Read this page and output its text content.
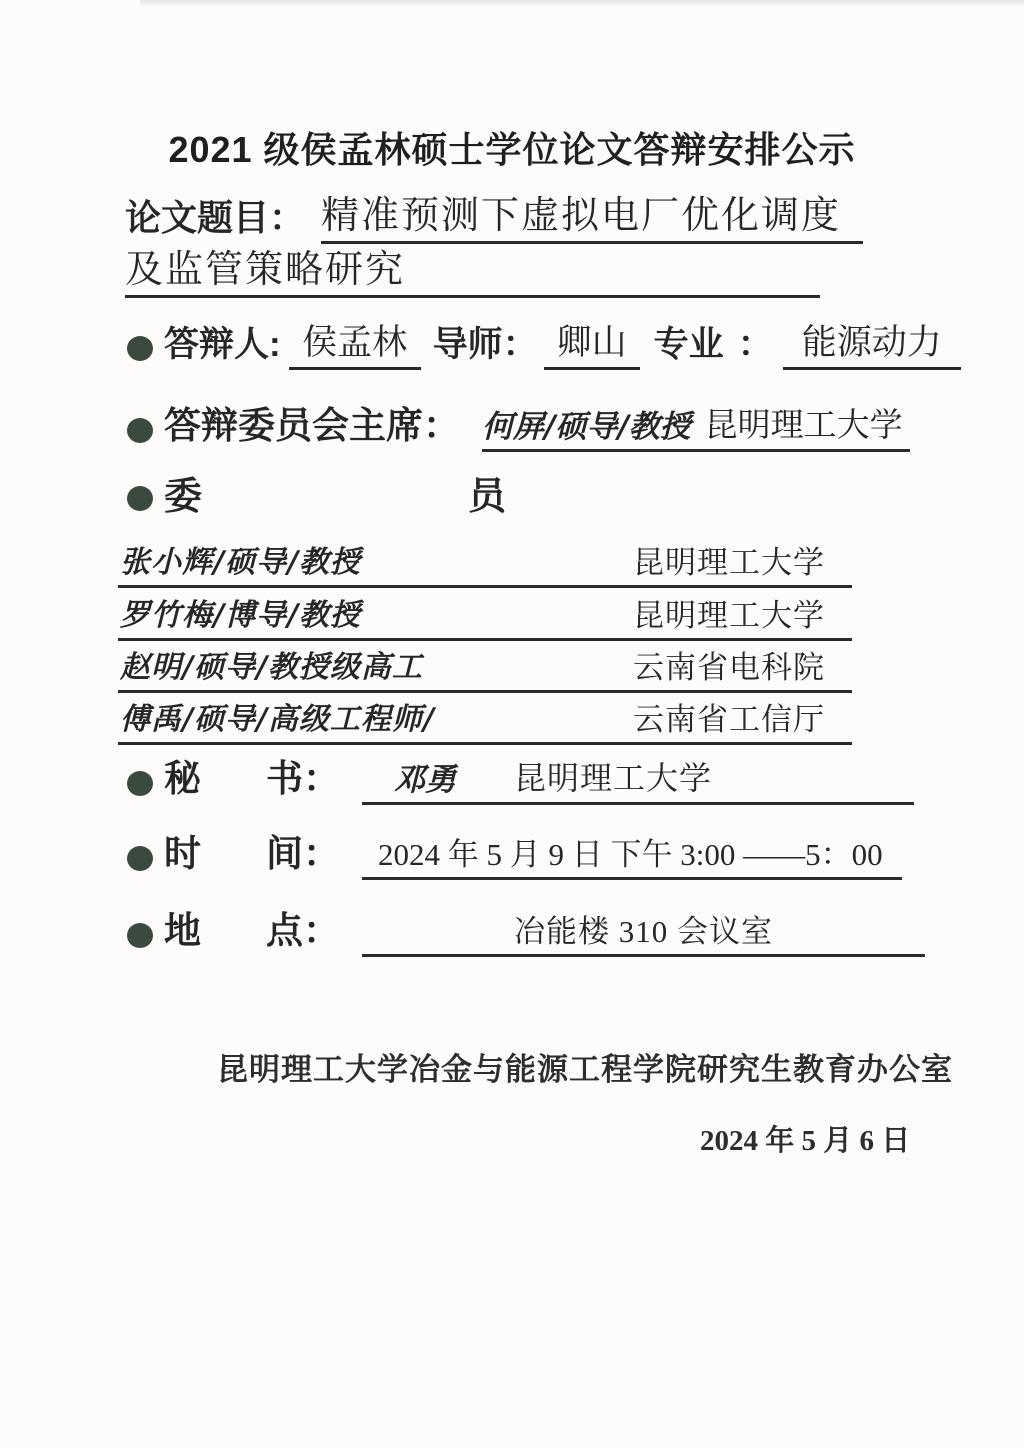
2021 级侯孟林硕士学位论文答辩安排公示
论文题目： 精准预测下虚拟电厂优化调度
及监管策略研究
答辩人: 侯孟林 导师： 卿山 专业 ： 能源动力
答辩委员会主席： 何屏/硕导/教授 昆明理工大学
委	员
张小辉/硕导/教授	昆明理工大学
罗竹梅/博导/教授	昆明理工大学
赵明/硕导/教授级高工	云南省电科院
傅禹/硕导/高级工程师/	云南省工信厅
秘 书： 邓勇 昆明理工大学
时 间： 2024 年 5 月 9 日 下午 3:00 ——5：00
地 点：	冶能楼 310 会议室
昆明理工大学冶金与能源工程学院研究生教育办公室
2024 年 5 月 6 日
